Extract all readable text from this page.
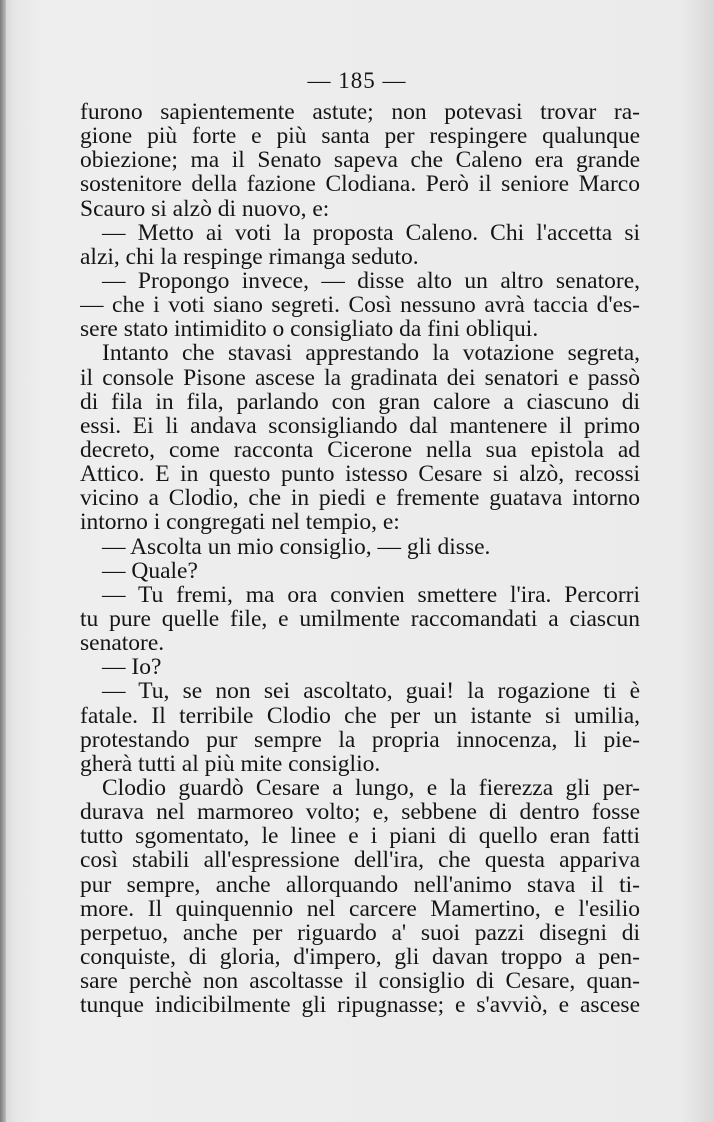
— 185 —
furono sapientemente astute; non potevasi trovar ra-
gione più forte e più santa per respingere qualunque
obiezione; ma il Senato sapeva che Caleno era grande
sostenitore della fazione Clodiana. Però il seniore Marco
Scauro si alzò di nuovo, e:
— Metto ai voti la proposta Caleno. Chi l'accetta si
alzi, chi la respinge rimanga seduto.
— Propongo invece, — disse alto un altro senatore,
— che i voti siano segreti. Così nessuno avrà taccia d'es-
sere stato intimidito o consigliato da fini obliqui.
Intanto che stavasi apprestando la votazione segreta,
il console Pisone ascese la gradinata dei senatori e passò
di fila in fila, parlando con gran calore a ciascuno di
essi. Ei li andava sconsigliando dal mantenere il primo
decreto, come racconta Cicerone nella sua epistola ad
Attico. E in questo punto istesso Cesare si alzò, recossi
vicino a Clodio, che in piedi e fremente guatava intorno
intorno i congregati nel tempio, e:
— Ascolta un mio consiglio, — gli disse.
— Quale?
— Tu fremi, ma ora convien smettere l'ira. Percorri
tu pure quelle file, e umilmente raccomandati a ciascun
senatore.
— Io?
— Tu, se non sei ascoltato, guai! la rogazione ti è
fatale. Il terribile Clodio che per un istante si umilia,
protestando pur sempre la propria innocenza, li pie-
gherà tutti al più mite consiglio.
Clodio guardò Cesare a lungo, e la fierezza gli per-
durava nel marmoreo volto; e, sebbene di dentro fosse
tutto sgomentato, le linee e i piani di quello eran fatti
così stabili all'espressione dell'ira, che questa appariva
pur sempre, anche allorquando nell'animo stava il ti-
more. Il quinquennio nel carcere Mamertino, e l'esilio
perpetuo, anche per riguardo a' suoi pazzi disegni di
conquiste, di gloria, d'impero, gli davan troppo a pen-
sare perchè non ascoltasse il consiglio di Cesare, quan-
tunque indicibilmente gli ripugnasse; e s'avviò, e ascese
